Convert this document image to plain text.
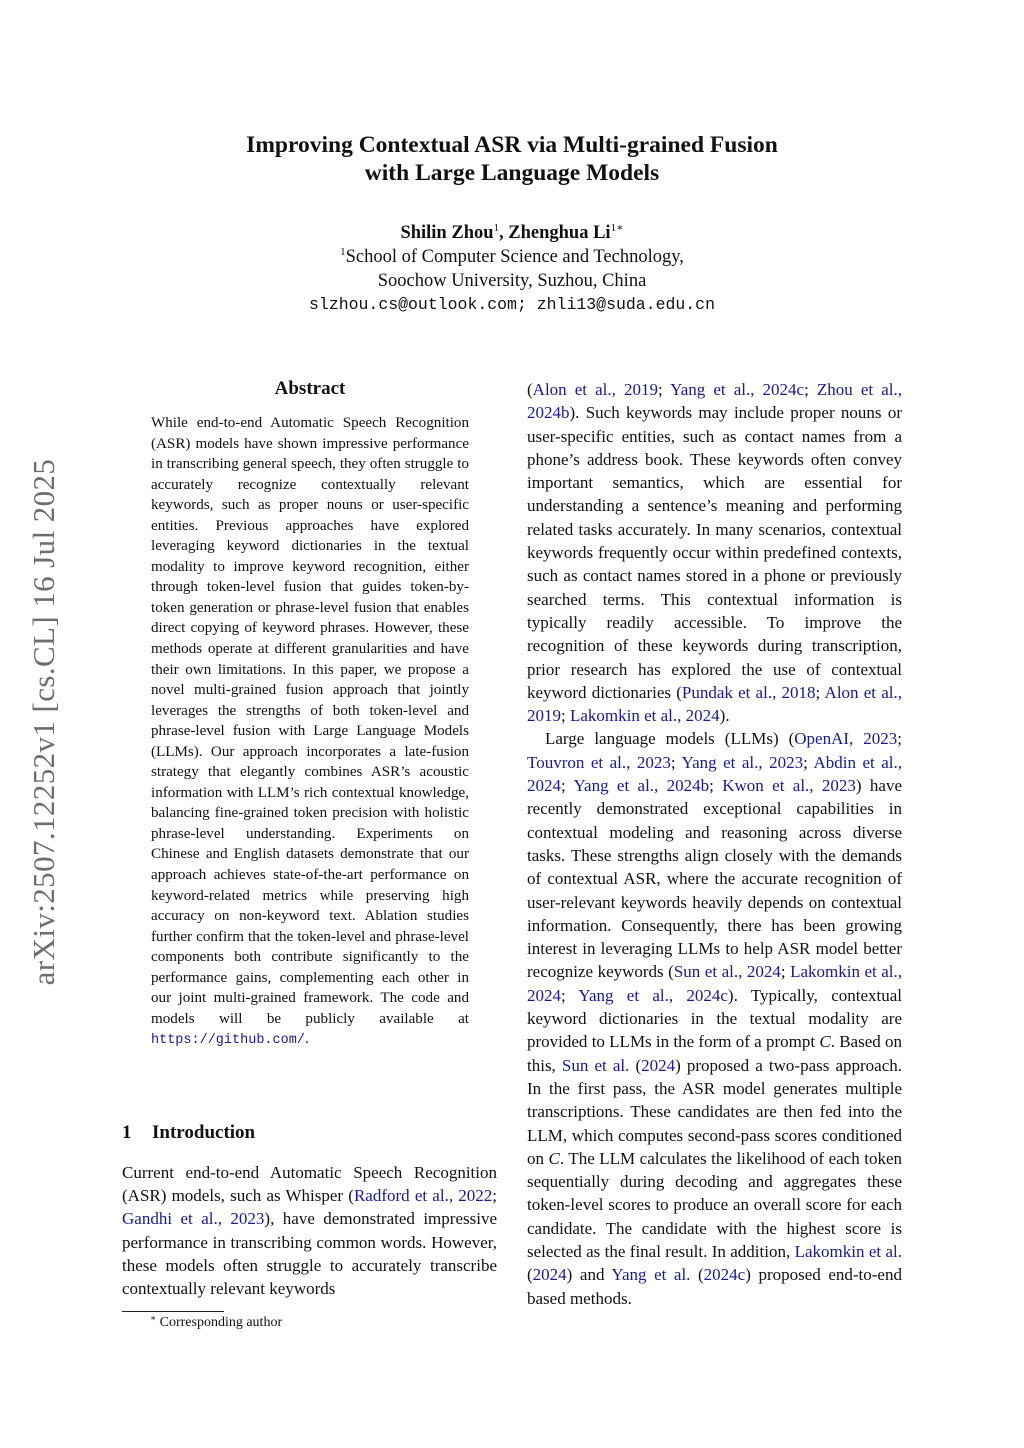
arXiv:2507.12252v1 [cs.CL] 16 Jul 2025
Improving Contextual ASR via Multi-grained Fusion
with Large Language Models
Shilin Zhou$^1$, Zhenghua $Li^{1∗}$
$^1$School of Computer Science and Technology,
Soochow University, Suzhou, China
slzhou.cs@outlook.com; zhli13@suda.edu.cn
Abstract

While end-to-end Automatic Speech Recognition (ASR) models have shown impressive performance in transcribing general speech, they often struggle to accurately recognize contextually relevant keywords, such as proper nouns or user-specific entities. Previous approaches have explored leveraging keyword dictionaries in the textual modality to improve keyword recognition, either through token-level fusion that guides token-by-token generation or phrase-level fusion that enables direct copying of keyword phrases. However, these methods operate at different granularities and have their own limitations. In this paper, we propose a novel multi-grained fusion approach that jointly leverages the strengths of both token-level and phrase-level fusion with Large Language Models (LLMs). Our approach incorporates a late-fusion strategy that elegantly combines ASR’s acoustic information with LLM’s rich contextual knowledge, balancing fine-grained token precision with holistic phrase-level understanding. Experiments on Chinese and English datasets demonstrate that our approach achieves state-of-the-art performance on keyword-related metrics while preserving high accuracy on non-keyword text. Ablation studies further confirm that the token-level and phrase-level components both contribute significantly to the performance gains, complementing each other in our joint multi-grained framework. The code and models will be publicly available at https://github.com/.

1 Introduction

Current end-to-end Automatic Speech Recognition (ASR) models, such as Whisper (Radford et al., 2022; Gandhi et al., 2023), have demonstrated impressive performance in transcribing common words. However, these models often struggle to accurately transcribe contextually relevant keywords

∗ Corresponding author

(Alon et al., 2019; Yang et al., 2024c; Zhou et al., 2024b). Such keywords may include proper nouns or user-specific entities, such as contact names from a phone’s address book. These keywords often convey important semantics, which are essential for understanding a sentence’s meaning and performing related tasks accurately. In many scenarios, contextual keywords frequently occur within predefined contexts, such as contact names stored in a phone or previously searched terms. This contextual information is typically readily accessible. To improve the recognition of these keywords during transcription, prior research has explored the use of contextual keyword dictionaries (Pundak et al., 2018; Alon et al., 2019; Lakomkin et al., 2024).

Large language models (LLMs) (OpenAI, 2023; Touvron et al., 2023; Yang et al., 2023; Abdin et al., 2024; Yang et al., 2024b; Kwon et al., 2023) have recently demonstrated exceptional capabilities in contextual modeling and reasoning across diverse tasks. These strengths align closely with the demands of contextual ASR, where the accurate recognition of user-relevant keywords heavily depends on contextual information. Consequently, there has been growing interest in leveraging LLMs to help ASR model better recognize keywords (Sun et al., 2024; Lakomkin et al., 2024; Yang et al., 2024c). Typically, contextual keyword dictionaries in the textual modality are provided to LLMs in the form of a prompt C. Based on this, Sun et al. (2024) proposed a two-pass approach. In the first pass, the ASR model generates multiple transcriptions. These candidates are then fed into the LLM, which computes second-pass scores conditioned on C. The LLM calculates the likelihood of each token sequentially during decoding and aggregates these token-level scores to produce an overall score for each candidate. The candidate with the highest score is selected as the final result. In addition, Lakomkin et al. (2024) and Yang et al. (2024c) proposed end-to-end based methods.
